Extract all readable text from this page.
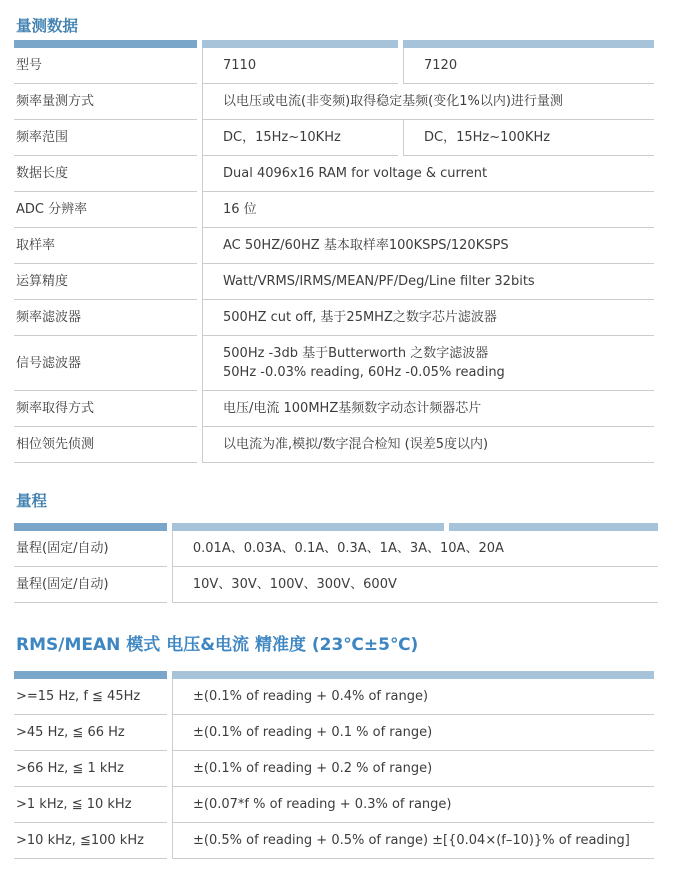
量测数据

型号	7110	7120
频率量测方式	以电压或电流(非变频)取得稳定基频(变化1%以内)进行量测	
频率范围	DC，15Hz~10KHz	DC，15Hz~100KHz
数据长度	Dual 4096x16 RAM for voltage & current	
ADC 分辨率	16 位	
取样率	AC 50HZ/60HZ 基本取样率100KSPS/120KSPS	
运算精度	Watt/VRMS/IRMS/MEAN/PF/Deg/Line filter 32bits	
频率滤波器	500HZ cut off, 基于25MHZ之数字芯片滤波器	
信号滤波器	500Hz -3db 基于Butterworth 之数字滤波器
50Hz -0.03% reading, 60Hz -0.05% reading	

频率取得方式	电压/电流 100MHZ基频数字动态计频器芯片	
相位领先侦测	以电流为准,模拟/数字混合检知 (误差5度以内)	
量程

量程(固定/自动)	0.01A、0.03A、0.1A、0.3A、1A、3A、10A、20A	
量程(固定/自动)	10V、30V、100V、300V、600V	
RMS/MEAN 模式 电压&电流 精准度 (23℃±5℃)

>=15 Hz, f ≦ 45Hz	±(0.1% of reading + 0.4% of range)
>45 Hz, ≦ 66 Hz	±(0.1% of reading + 0.1 % of range)
>66 Hz, ≦ 1 kHz	±(0.1% of reading + 0.2 % of range)
>1 kHz, ≦ 10 kHz	±(0.07*f % of reading + 0.3% of range)
>10 kHz, ≦100 kHz	±(0.5% of reading + 0.5% of range) ±[{0.04×(f–10)}% of reading]
